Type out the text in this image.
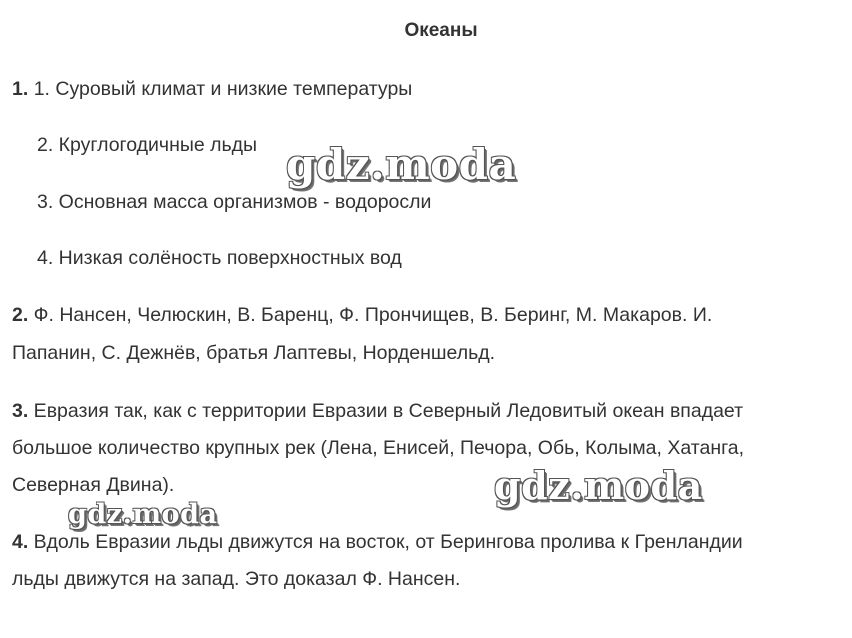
Океаны
1. 1. Суровый климат и низкие температуры
2. Круглогодичные льды
3. Основная масса организмов - водоросли
4. Низкая солёность поверхностных вод
2. Ф. Нансен, Челюскин, В. Баренц, Ф. Прончищев, В. Беринг, М. Макаров. И.
Папанин, С. Дежнёв, братья Лаптевы, Норденшельд.
3. Евразия так, как с территории Евразии в Северный Ледовитый океан впадает
большое количество крупных рек (Лена, Енисей, Печора, Обь, Колыма, Хатанга,
Северная Двина).
4. Вдоль Евразии льды движутся на восток, от Берингова пролива к Гренландии
льды движутся на запад. Это доказал Ф. Нансен.
gdz.moda
gdz.moda
gdz.moda
